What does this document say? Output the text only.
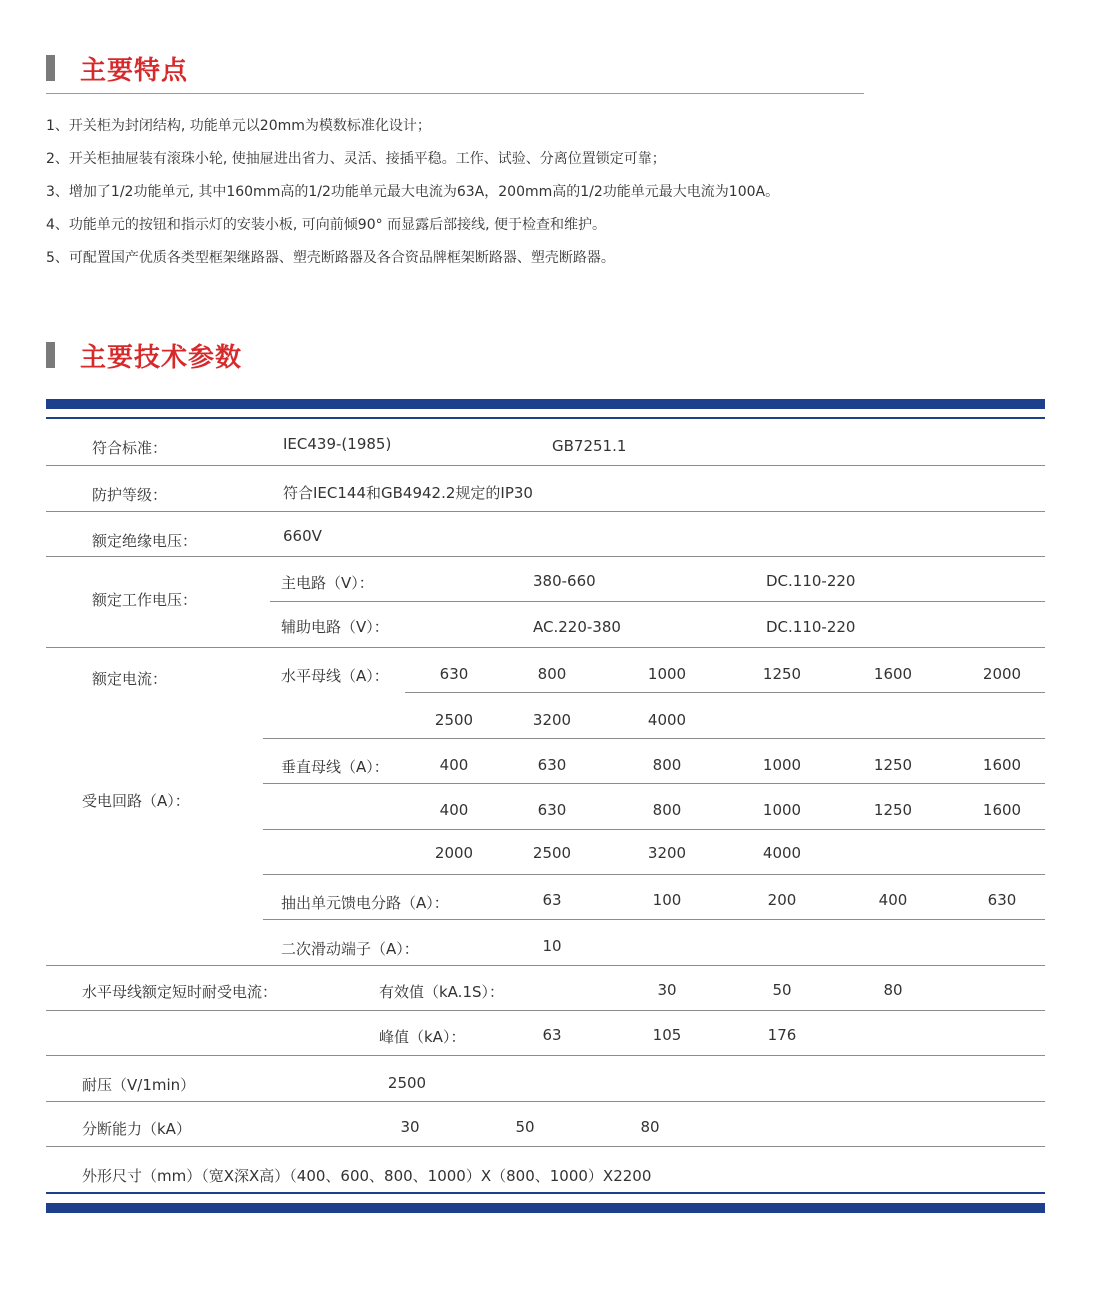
主要特点
1、开关柜为封闭结构, 功能单元以20mm为模数标准化设计；
2、开关柜抽屉装有滚珠小轮, 使抽屉进出省力、灵活、接插平稳。工作、试验、分离位置锁定可靠；
3、增加了1/2功能单元, 其中160mm高的1/2功能单元最大电流为63A，200mm高的1/2功能单元最大电流为100A。
4、功能单元的按钮和指示灯的安装小板, 可向前倾90° 而显露后部接线, 便于检查和维护。
5、可配置国产优质各类型框架继路器、塑壳断路器及各合资品牌框架断路器、塑壳断路器。
主要技术参数
符合标准：	IEC439-(1985)	GB7251.1
防护等级：	符合IEC144和GB4942.2规定的IP30
额定绝缘电压：	660V
额定工作电压：
主电路（V）：	380-660	DC.110-220
辅助电路（V）：	AC.220-380	DC.110-220
额定电流：
受电回路（A）：
水平母线（A）：	630	800	1000	1250	1600	2000
2500	3200	4000
垂直母线（A）：	400	630	800	1000	1250	1600
400	630	800	1000	1250	1600
2000	2500	3200	4000
抽出单元馈电分路（A）：	63	100	200	400	630
二次滑动端子（A）：	10
水平母线额定短时耐受电流：	有效值（kA.1S）：	30	50	80
峰值（kA）：	63	105	176
耐压（V/1min）	2500
分断能力（kA）	30	50	80
外形尺寸（mm）（宽X深X高）（400、600、800、1000）X（800、1000）X2200
